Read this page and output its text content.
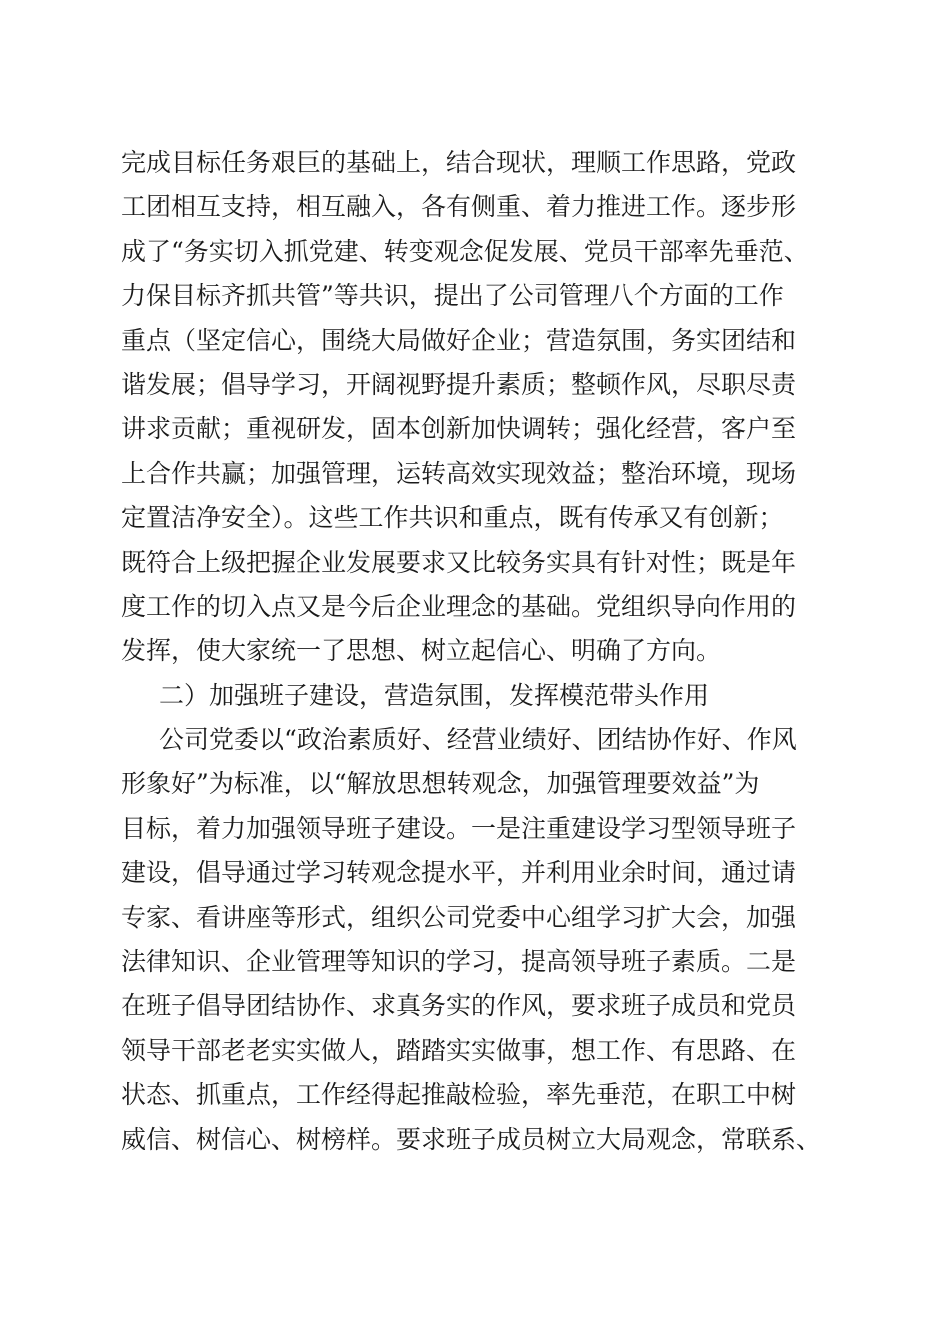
完成目标任务艰巨的基础上，结合现状，理顺工作思路，党政
工团相互支持，相互融入，各有侧重、着力推进工作。逐步形
成了“务实切入抓党建、转变观念促发展、党员干部率先垂范、
力保目标齐抓共管”等共识，提出了公司管理八个方面的工作
重点（坚定信心，围绕大局做好企业；营造氛围，务实团结和
谐发展；倡导学习，开阔视野提升素质；整顿作风，尽职尽责
讲求贡献；重视研发，固本创新加快调转；强化经营，客户至
上合作共赢；加强管理，运转高效实现效益；整治环境，现场
定置洁净安全）。这些工作共识和重点，既有传承又有创新；
既符合上级把握企业发展要求又比较务实具有针对性；既是年
度工作的切入点又是今后企业理念的基础。党组织导向作用的
发挥，使大家统一了思想、树立起信心、明确了方向。
二）加强班子建设，营造氛围，发挥模范带头作用
公司党委以“政治素质好、经营业绩好、团结协作好、作风
形象好”为标准，以“解放思想转观念，加强管理要效益”为
目标，着力加强领导班子建设。一是注重建设学习型领导班子
建设，倡导通过学习转观念提水平，并利用业余时间，通过请
专家、看讲座等形式，组织公司党委中心组学习扩大会，加强
法律知识、企业管理等知识的学习，提高领导班子素质。二是
在班子倡导团结协作、求真务实的作风，要求班子成员和党员
领导干部老老实实做人，踏踏实实做事，想工作、有思路、在
状态、抓重点，工作经得起推敲检验，率先垂范，在职工中树
威信、树信心、树榜样。要求班子成员树立大局观念，常联系、
